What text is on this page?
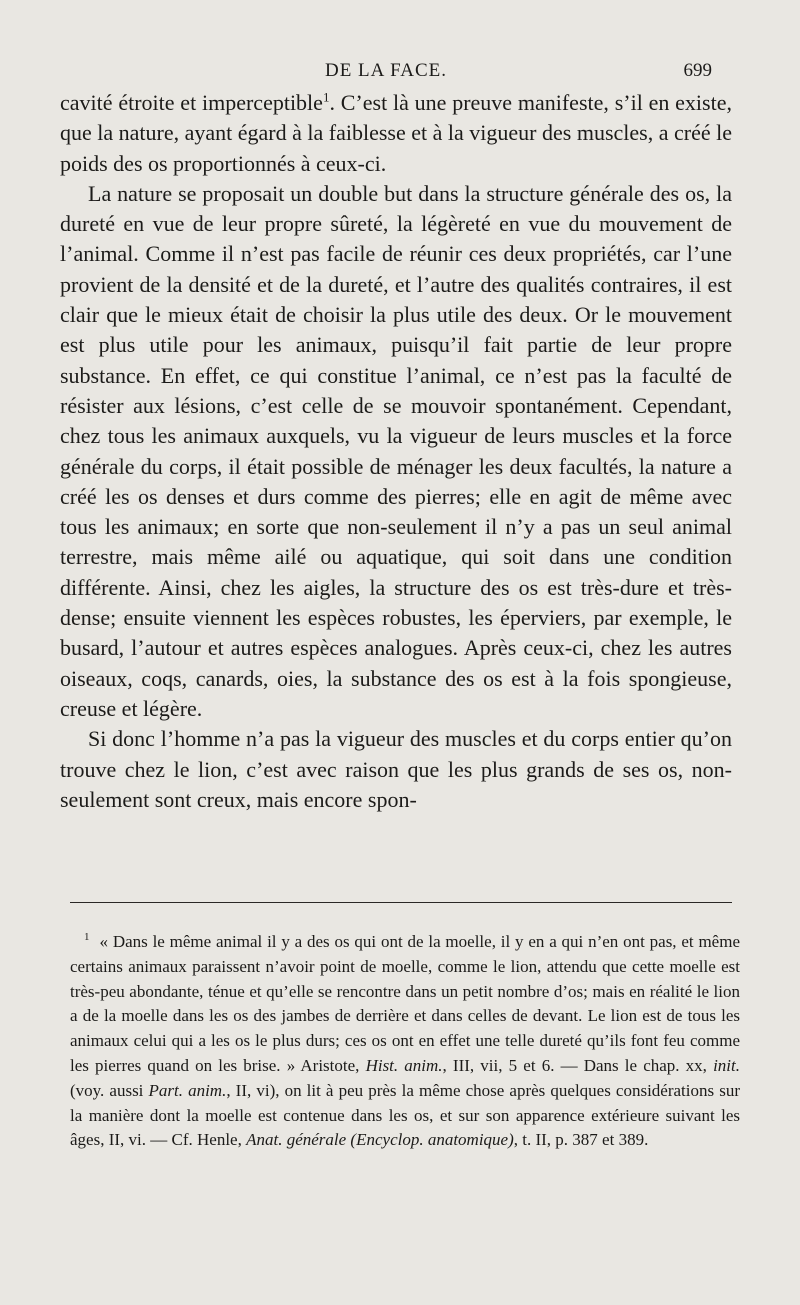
DE LA FACE.	699

cavité étroite et imperceptible$^1$. C’est là une preuve manifeste, s’il en existe, que la nature, ayant égard à la faiblesse et à la vigueur des muscles, a créé le poids des os proportionnés à ceux-ci.

La nature se proposait un double but dans la structure générale des os, la dureté en vue de leur propre sûreté, la légèreté en vue du mouvement de l’animal. Comme il n’est pas facile de réunir ces deux propriétés, car l’une provient de la densité et de la dureté, et l’autre des qualités contraires, il est clair que le mieux était de choisir la plus utile des deux. Or le mouvement est plus utile pour les animaux, puisqu’il fait partie de leur propre substance. En effet, ce qui constitue l’animal, ce n’est pas la faculté de résister aux lésions, c’est celle de se mouvoir spontanément. Cependant, chez tous les animaux auxquels, vu la vigueur de leurs muscles et la force générale du corps, il était possible de ménager les deux facultés, la nature a créé les os denses et durs comme des pierres; elle en agit de même avec tous les animaux; en sorte que non-seulement il n’y a pas un seul animal terrestre, mais même ailé ou aquatique, qui soit dans une condition différente. Ainsi, chez les aigles, la structure des os est très-dure et très-dense; ensuite viennent les espèces robustes, les éperviers, par exemple, le busard, l’autour et autres espèces analogues. Après ceux-ci, chez les autres oiseaux, coqs, canards, oies, la substance des os est à la fois spongieuse, creuse et légère.

Si donc l’homme n’a pas la vigueur des muscles et du corps entier qu’on trouve chez le lion, c’est avec raison que les plus grands de ses os, non-seulement sont creux, mais encore spon-

$^1$ « Dans le même animal il y a des os qui ont de la moelle, il y en a qui n’en ont pas, et même certains animaux paraissent n’avoir point de moelle, comme le lion, attendu que cette moelle est très-peu abondante, ténue et qu’elle se rencontre dans un petit nombre d’os; mais en réalité le lion a de la moelle dans les os des jambes de derrière et dans celles de devant. Le lion est de tous les animaux celui qui a les os le plus durs; ces os ont en effet une telle dureté qu’ils font feu comme les pierres quand on les brise. » Aristote, Hist. anim., III, vii, 5 et 6. — Dans le chap. xx, init. (voy. aussi Part. anim., II, vi), on lit à peu près la même chose après quelques considérations sur la manière dont la moelle est contenue dans les os, et sur son apparence extérieure suivant les âges, II, vi. — Cf. Henle, Anat. générale (Encyclop. anatomique), t. II, p. 387 et 389.
